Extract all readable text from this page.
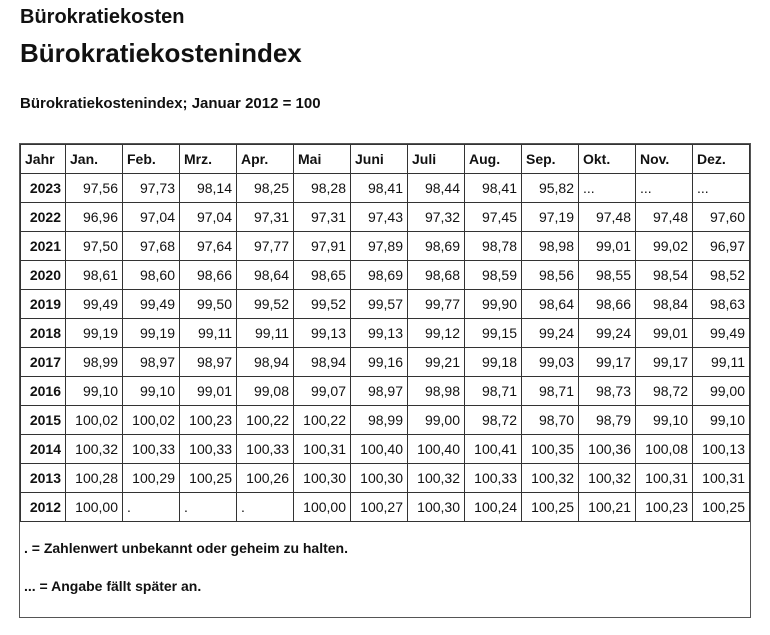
Bürokratiekosten
Bürokratiekostenindex

Bürokratiekostenindex; Januar 2012 = 100

Jahr	Jan.	Feb.	Mrz.	Apr.	Mai	Juni	Juli	Aug.	Sep.	Okt.	Nov.	Dez.
2023	97,56	97,73	98,14	98,25	98,28	98,41	98,44	98,41	95,82	...	...	...
2022	96,96	97,04	97,04	97,31	97,31	97,43	97,32	97,45	97,19	97,48	97,48	97,60
2021	97,50	97,68	97,64	97,77	97,91	97,89	98,69	98,78	98,98	99,01	99,02	96,97
2020	98,61	98,60	98,66	98,64	98,65	98,69	98,68	98,59	98,56	98,55	98,54	98,52
2019	99,49	99,49	99,50	99,52	99,52	99,57	99,77	99,90	98,64	98,66	98,84	98,63
2018	99,19	99,19	99,11	99,11	99,13	99,13	99,12	99,15	99,24	99,24	99,01	99,49
2017	98,99	98,97	98,97	98,94	98,94	99,16	99,21	99,18	99,03	99,17	99,17	99,11
2016	99,10	99,10	99,01	99,08	99,07	98,97	98,98	98,71	98,71	98,73	98,72	99,00
2015	100,02	100,02	100,23	100,22	100,22	98,99	99,00	98,72	98,70	98,79	99,10	99,10
2014	100,32	100,33	100,33	100,33	100,31	100,40	100,40	100,41	100,35	100,36	100,08	100,13
2013	100,28	100,29	100,25	100,26	100,30	100,30	100,32	100,33	100,32	100,32	100,31	100,31
2012	100,00	.	.	.	100,00	100,27	100,30	100,24	100,25	100,21	100,23	100,25

. = Zahlenwert unbekannt oder geheim zu halten.

... = Angabe fällt später an.
